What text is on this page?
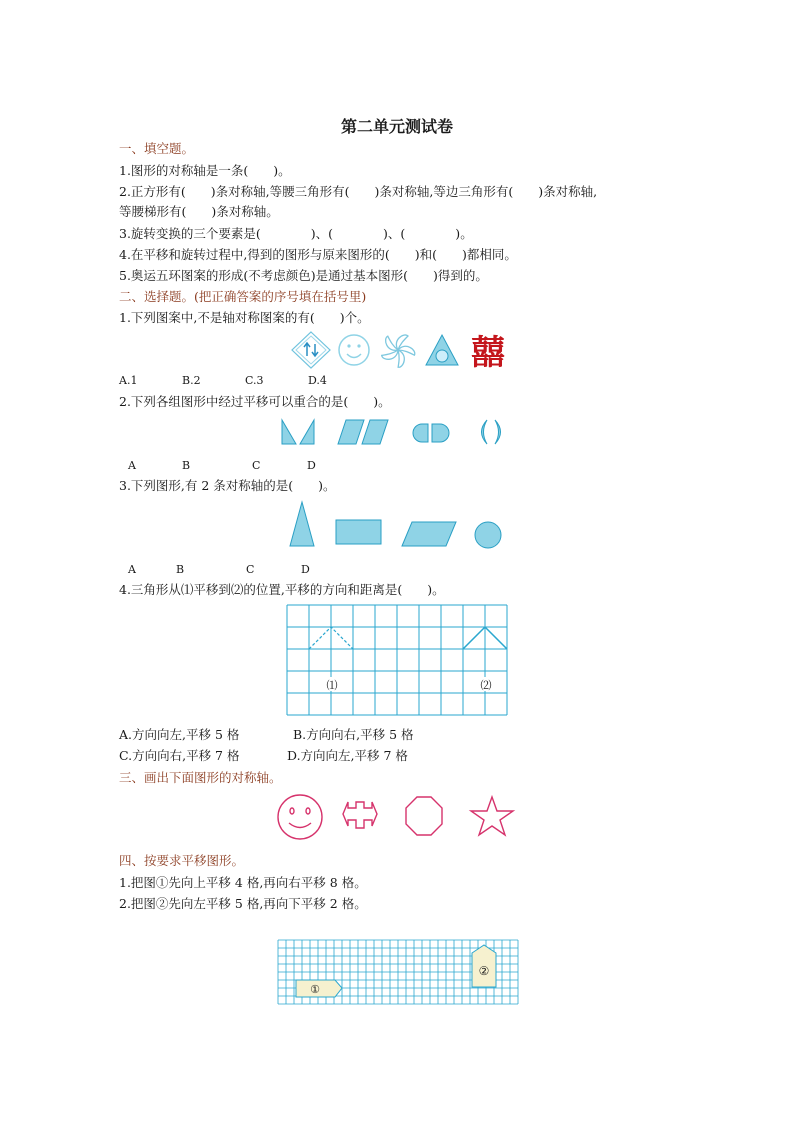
第二单元测试卷
一、填空题。
1.图形的对称轴是一条(　　)。
2.正方形有(　　)条对称轴,等腰三角形有(　　)条对称轴,等边三角形有(　　)条对称轴,
等腰梯形有(　　)条对称轴。
3.旋转变换的三个要素是(　　　　)、(　　　　)、(　　　　)。
4.在平移和旋转过程中,得到的图形与原来图形的(　　)和(　　)都相同。
5.奥运五环图案的形成(不考虑颜色)是通过基本图形(　　)得到的。
二、选择题。(把正确答案的序号填在括号里)
1.下列图案中,不是轴对称图案的有(　　)个。
囍
A.1	B.2	C.3	D.4
2.下列各组图形中经过平移可以重合的是(　　)。
A	B	C	D
3.下列图形,有 2 条对称轴的是(　　)。
A	B	C	D
4.三角形从⑴平移到⑵的位置,平移的方向和距离是(　　)。
⑴	⑵
A.方向向左,平移 5 格	B.方向向右,平移 5 格
C.方向向右,平移 7 格	D.方向向左,平移 7 格
三、画出下面图形的对称轴。
四、按要求平移图形。
1.把图①先向上平移 4 格,再向右平移 8 格。
2.把图②先向左平移 5 格,再向下平移 2 格。
①
②
